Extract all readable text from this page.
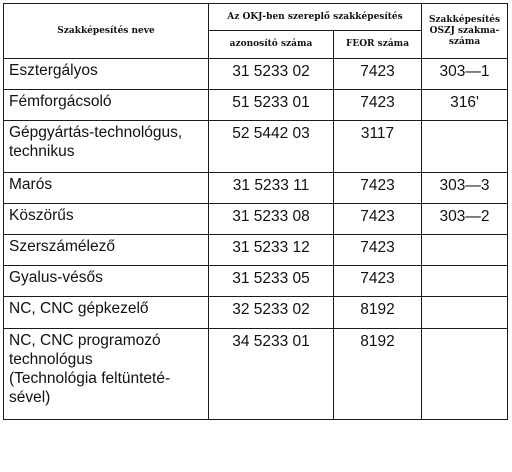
Szakképesítés neve	Az OKJ-ben szereplő szakképesítés		Szakképesítés
OSZJ szakma-
száma

	azonosító száma	FEOR száma	

Esztergályos	31 5233 02	7423	303—1

Fémforgácsoló	51 5233 01	7423	316'

Gépgyártás-technológus,
technikus	52 5442 03	3117	

Marós	31 5233 11	7423	303—3

Köszörűs	31 5233 08	7423	303—2

Szerszámélező	31 5233 12	7423	

Gyalus-vésős	31 5233 05	7423	

NC, CNC gépkezelő	32 5233 02	8192	

NC, CNC programozó
technológus
(Technológia feltünteté-
sével)	34 5233 01	8192	
